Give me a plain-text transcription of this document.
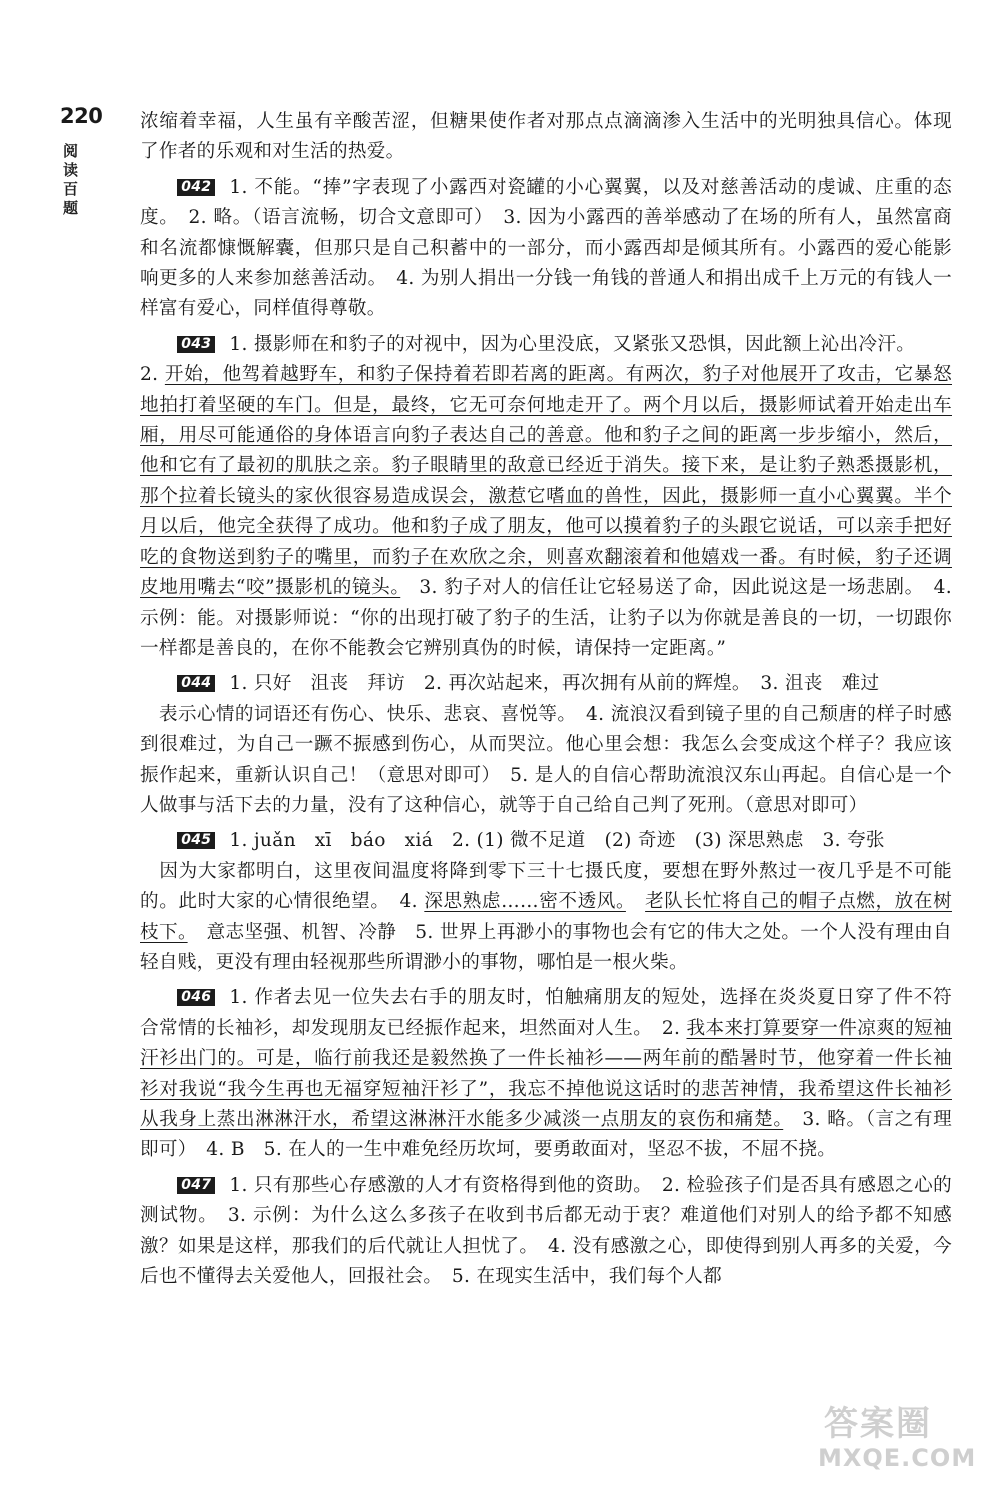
220
阅读百题

浓缩着幸福，人生虽有辛酸苦涩，但糖果使作者对那点点滴滴渗入生活中的光明独具信心。体现了作者的乐观和对生活的热爱。

042 1. 不能。“捧”字表现了小露西对瓷罐的小心翼翼，以及对慈善活动的虔诚、庄重的态度。　2. 略。（语言流畅，切合文意即可）　3. 因为小露西的善举感动了在场的所有人，虽然富商和名流都慷慨解囊，但那只是自己积蓄中的一部分，而小露西却是倾其所有。小露西的爱心能影响更多的人来参加慈善活动。　4. 为别人捐出一分钱一角钱的普通人和捐出成千上万元的有钱人一样富有爱心，同样值得尊敬。

043 1. 摄影师在和豹子的对视中，因为心里没底，又紧张又恐惧，因此额上沁出冷汗。
2. 开始，他驾着越野车，和豹子保持着若即若离的距离。有两次，豹子对他展开了攻击，它暴怒地拍打着坚硬的车门。但是，最终，它无可奈何地走开了。两个月以后，摄影师试着开始走出车厢，用尽可能通俗的身体语言向豹子表达自己的善意。他和豹子之间的距离一步步缩小，然后，他和它有了最初的肌肤之亲。豹子眼睛里的敌意已经近于消失。接下来，是让豹子熟悉摄影机，那个拉着长镜头的家伙很容易造成误会，激惹它嗜血的兽性，因此，摄影师一直小心翼翼。半个月以后，他完全获得了成功。他和豹子成了朋友，他可以摸着豹子的头跟它说话，可以亲手把好吃的食物送到豹子的嘴里，而豹子在欢欣之余，则喜欢翻滚着和他嬉戏一番。有时候，豹子还调皮地用嘴去“咬”摄影机的镜头。　3. 豹子对人的信任让它轻易送了命，因此说这是一场悲剧。　4. 示例：能。对摄影师说：“你的出现打破了豹子的生活，让豹子以为你就是善良的一切，一切跟你一样都是善良的，在你不能教会它辨别真伪的时候，请保持一定距离。”

044 1. 只好　沮丧　拜访　2. 再次站起来，再次拥有从前的辉煌。　3. 沮丧　难过
　表示心情的词语还有伤心、快乐、悲哀、喜悦等。　4. 流浪汉看到镜子里的自己颓唐的样子时感到很难过，为自己一蹶不振感到伤心，从而哭泣。他心里会想：我怎么会变成这个样子？我应该振作起来，重新认识自己！（意思对即可）　5. 是人的自信心帮助流浪汉东山再起。自信心是一个人做事与活下去的力量，没有了这种信心，就等于自己给自己判了死刑。（意思对即可）

045 1. juǎn　xī　báo　xiá　2. (1) 微不足道　(2) 奇迹　(3) 深思熟虑　3. 夸张
　因为大家都明白，这里夜间温度将降到零下三十七摄氏度，要想在野外熬过一夜几乎是不可能的。此时大家的心情很绝望。　4. 深思熟虑……密不透风。　 老队长忙将自己的帽子点燃，放在树枝下。　意志坚强、机智、冷静　5. 世界上再渺小的事物也会有它的伟大之处。一个人没有理由自轻自贱，更没有理由轻视那些所谓渺小的事物，哪怕是一根火柴。

046 1. 作者去见一位失去右手的朋友时，怕触痛朋友的短处，选择在炎炎夏日穿了件不符合常情的长袖衫，却发现朋友已经振作起来，坦然面对人生。　2. 我本来打算要穿一件凉爽的短袖汗衫出门的。可是，临行前我还是毅然换了一件长袖衫——两年前的酷暑时节，他穿着一件长袖衫对我说“我今生再也无福穿短袖汗衫了”，我忘不掉他说这话时的悲苦神情，我希望这件长袖衫从我身上蒸出淋淋汗水，希望这淋淋汗水能多少减淡一点朋友的哀伤和痛楚。　3. 略。（言之有理即可）　4. B　5. 在人的一生中难免经历坎坷，要勇敢面对，坚忍不拔，不屈不挠。

047 1. 只有那些心存感激的人才有资格得到他的资助。　2. 检验孩子们是否具有感恩之心的测试物。　3. 示例：为什么这么多孩子在收到书后都无动于衷？难道他们对别人的给予都不知感激？如果是这样，那我们的后代就让人担忧了。　4. 没有感激之心，即使得到别人再多的关爱，今后也不懂得去关爱他人，回报社会。　5. 在现实生活中，我们每个人都

答案圈
MXQE.COM
